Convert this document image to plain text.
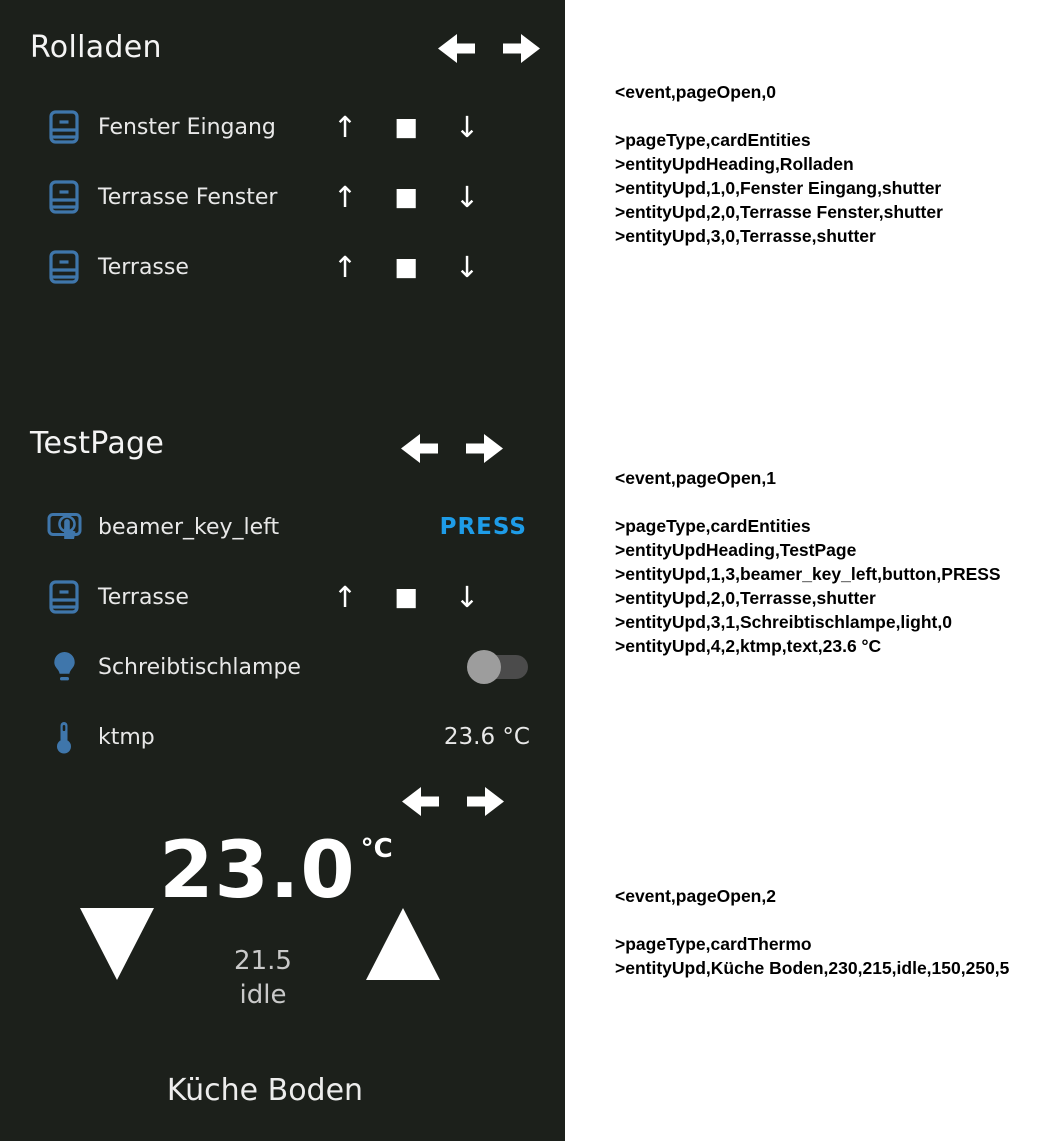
Rolladen
Fenster Eingang ↑	■ ↓
Terrasse Fenster ↑	■ ↓
Terrasse	↑	■ ↓
TestPage
beamer_key_left	PRESS
Terrasse	↑	■ ↓
Schreibtischlampe
ktmp	23.6 °C
23.0 °C
21.5
idle
Küche Boden
<event,pageOpen,0
>pageType,cardEntities
>entityUpdHeading,Rolladen
>entityUpd,1,0,Fenster Eingang,shutter
>entityUpd,2,0,Terrasse Fenster,shutter
>entityUpd,3,0,Terrasse,shutter
<event,pageOpen,1
>pageType,cardEntities
>entityUpdHeading,TestPage
>entityUpd,1,3,beamer_key_left,button,PRESS
>entityUpd,2,0,Terrasse,shutter
>entityUpd,3,1,Schreibtischlampe,light,0
>entityUpd,4,2,ktmp,text,23.6 °C
<event,pageOpen,2
>pageType,cardThermo
>entityUpd,Küche Boden,230,215,idle,150,250,5
